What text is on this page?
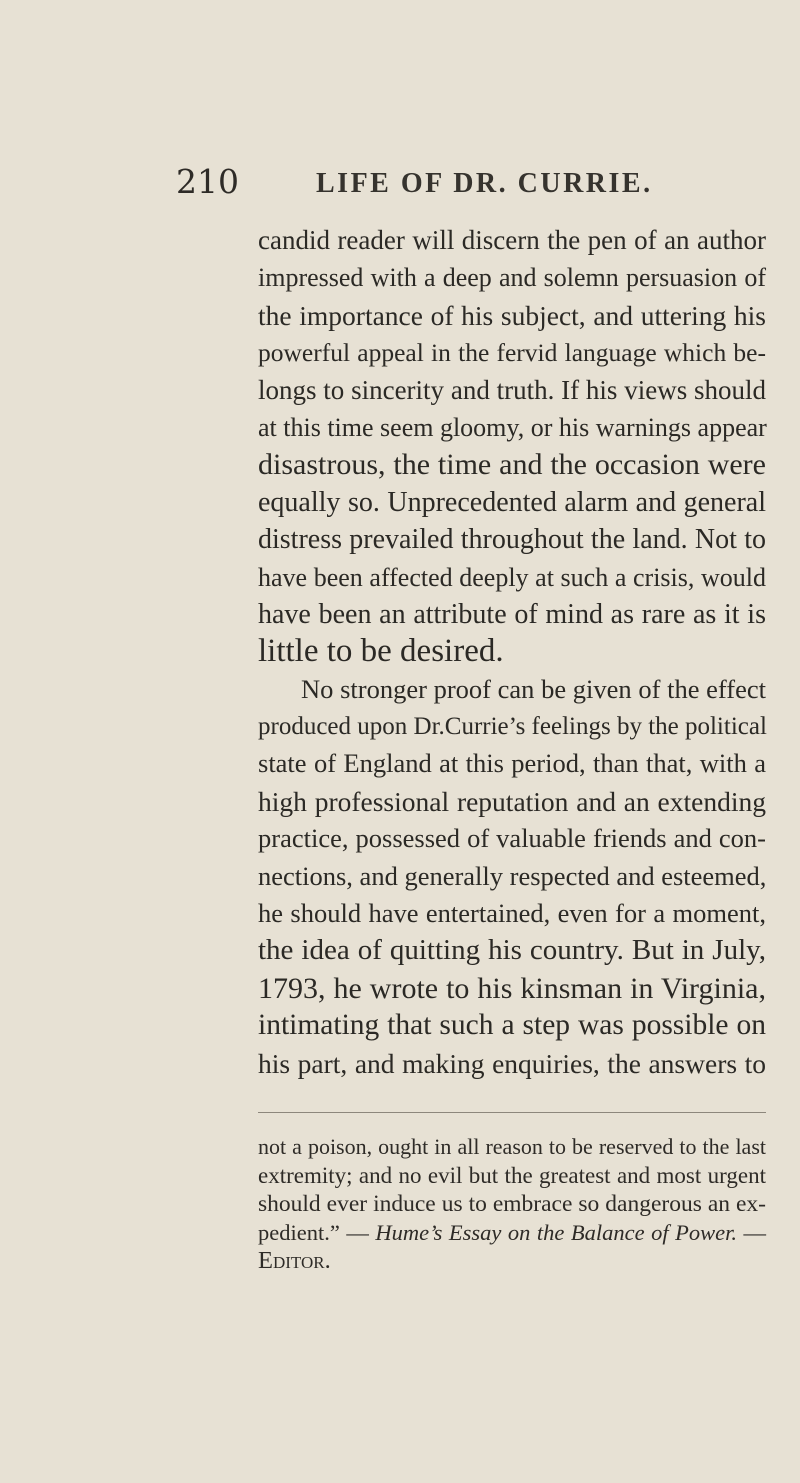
210	LIFE OF DR. CURRIE.
candid reader will discern the pen of an author
impressed with a deep and solemn persuasion of
the importance of his subject, and uttering his
powerful appeal in the fervid language which be-
longs to sincerity and truth. If his views should
at this time seem gloomy, or his warnings appear
disastrous, the time and the occasion were
equally so. Unprecedented alarm and general
distress prevailed throughout the land. Not to
have been affected deeply at such a crisis, would
have been an attribute of mind as rare as it is
little to be desired.
No stronger proof can be given of the effect
produced upon Dr.Currie’s feelings by the political
state of England at this period, than that, with a
high professional reputation and an extending
practice, possessed of valuable friends and con-
nections, and generally respected and esteemed,
he should have entertained, even for a moment,
the idea of quitting his country. But in July,
1793, he wrote to his kinsman in Virginia,
intimating that such a step was possible on
his part, and making enquiries, the answers to
not a poison, ought in all reason to be reserved to the last
extremity; and no evil but the greatest and most urgent
should ever induce us to embrace so dangerous an ex-
pedient.” — Hume’s Essay on the Balance of Power. —
Editor.
